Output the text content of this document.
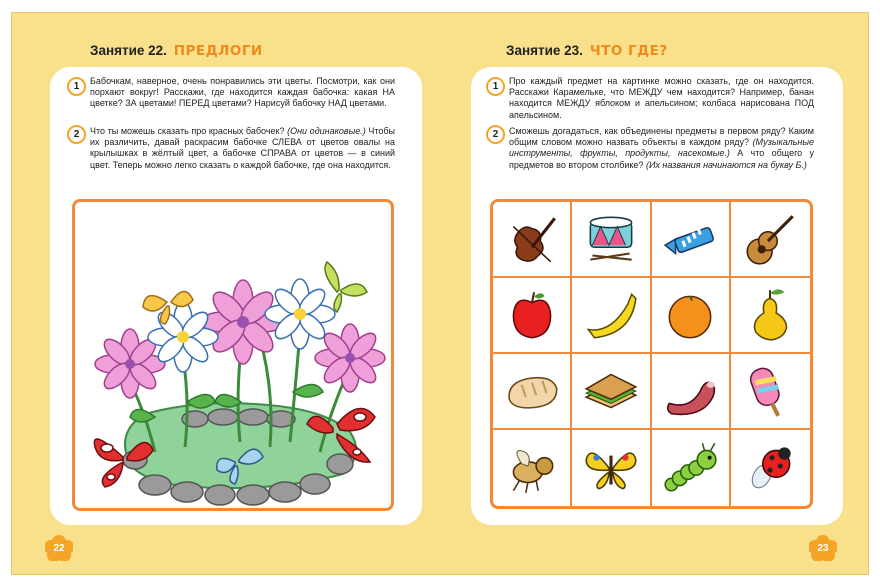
Занятие 22. ПРЕДЛОГИ
1	Бабочкам, наверное, очень понравились эти цветы. Посмотри, как они порхают вокруг! Расскажи, где находится каждая бабочка: какая НА цветке? ЗА цветами! ПЕРЕД цветами? Нарисуй бабочку НАД цветами.
2	Что ты можешь сказать про красных бабочек? (Они одинаковые.) Чтобы их различить, давай раскрасим бабочке СЛЕВА от цветов овалы на крылышках в жёлтый цвет, а бабочке СПРАВА от цветов — в синий цвет. Теперь можно легко сказать о каждой бабочке, где она находится.
22
Занятие 23. ЧТО ГДЕ?
1	Про каждый предмет на картинке можно сказать, где он находится. Расскажи Карамельке, что МЕЖДУ чем находится? Например, банан находится МЕЖДУ яблоком и апельсином; колбаса нарисована ПОД апельсином.
2	Сможешь догадаться, как объединены предметы в первом ряду? Каким общим словом можно назвать объекты в каждом ряду? (Музыкальные инструменты, фрукты, продукты, насекомые.) А что общего у предметов во втором столбике? (Их названия начинаются на букву Б.)
23
